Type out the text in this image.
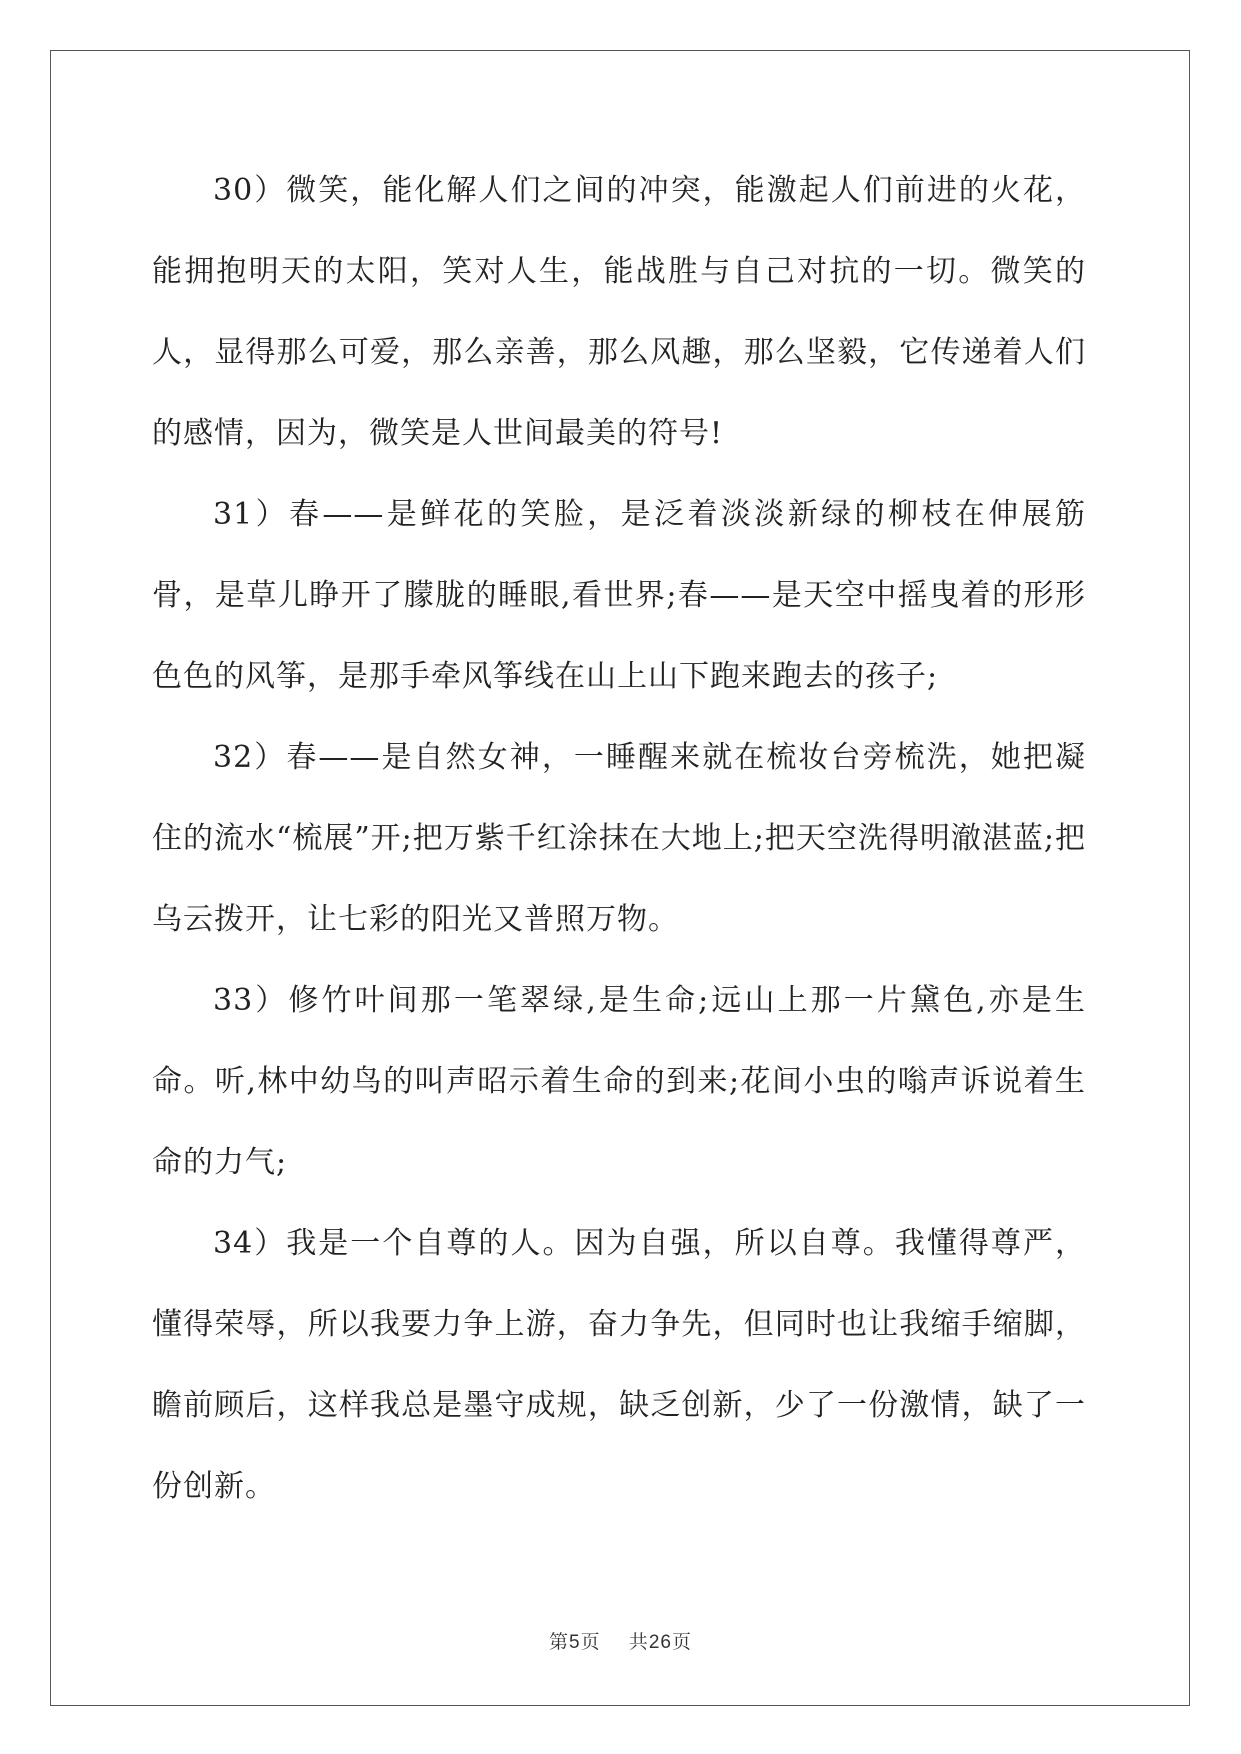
30）微笑，能化解人们之间的冲突，能激起人们前进的火花，能拥抱明天的太阳，笑对人生，能战胜与自己对抗的一切。微笑的人，显得那么可爱，那么亲善，那么风趣，那么坚毅，它传递着人们的感情，因为，微笑是人世间最美的符号!

31）春——是鲜花的笑脸，是泛着淡淡新绿的柳枝在伸展筋骨，是草儿睁开了朦胧的睡眼,看世界;春——是天空中摇曳着的形形色色的风筝，是那手牵风筝线在山上山下跑来跑去的孩子;

32）春——是自然女神，一睡醒来就在梳妆台旁梳洗，她把凝住的流水“梳展”开;把万紫千红涂抹在大地上;把天空洗得明澈湛蓝;把乌云拨开，让七彩的阳光又普照万物。

33）修竹叶间那一笔翠绿,是生命;远山上那一片黛色,亦是生命。听,林中幼鸟的叫声昭示着生命的到来;花间小虫的嗡声诉说着生命的力气;

34）我是一个自尊的人。因为自强，所以自尊。我懂得尊严，懂得荣辱，所以我要力争上游，奋力争先，但同时也让我缩手缩脚，瞻前顾后，这样我总是墨守成规，缺乏创新，少了一份激情，缺了一份创新。

第5页 共26页
